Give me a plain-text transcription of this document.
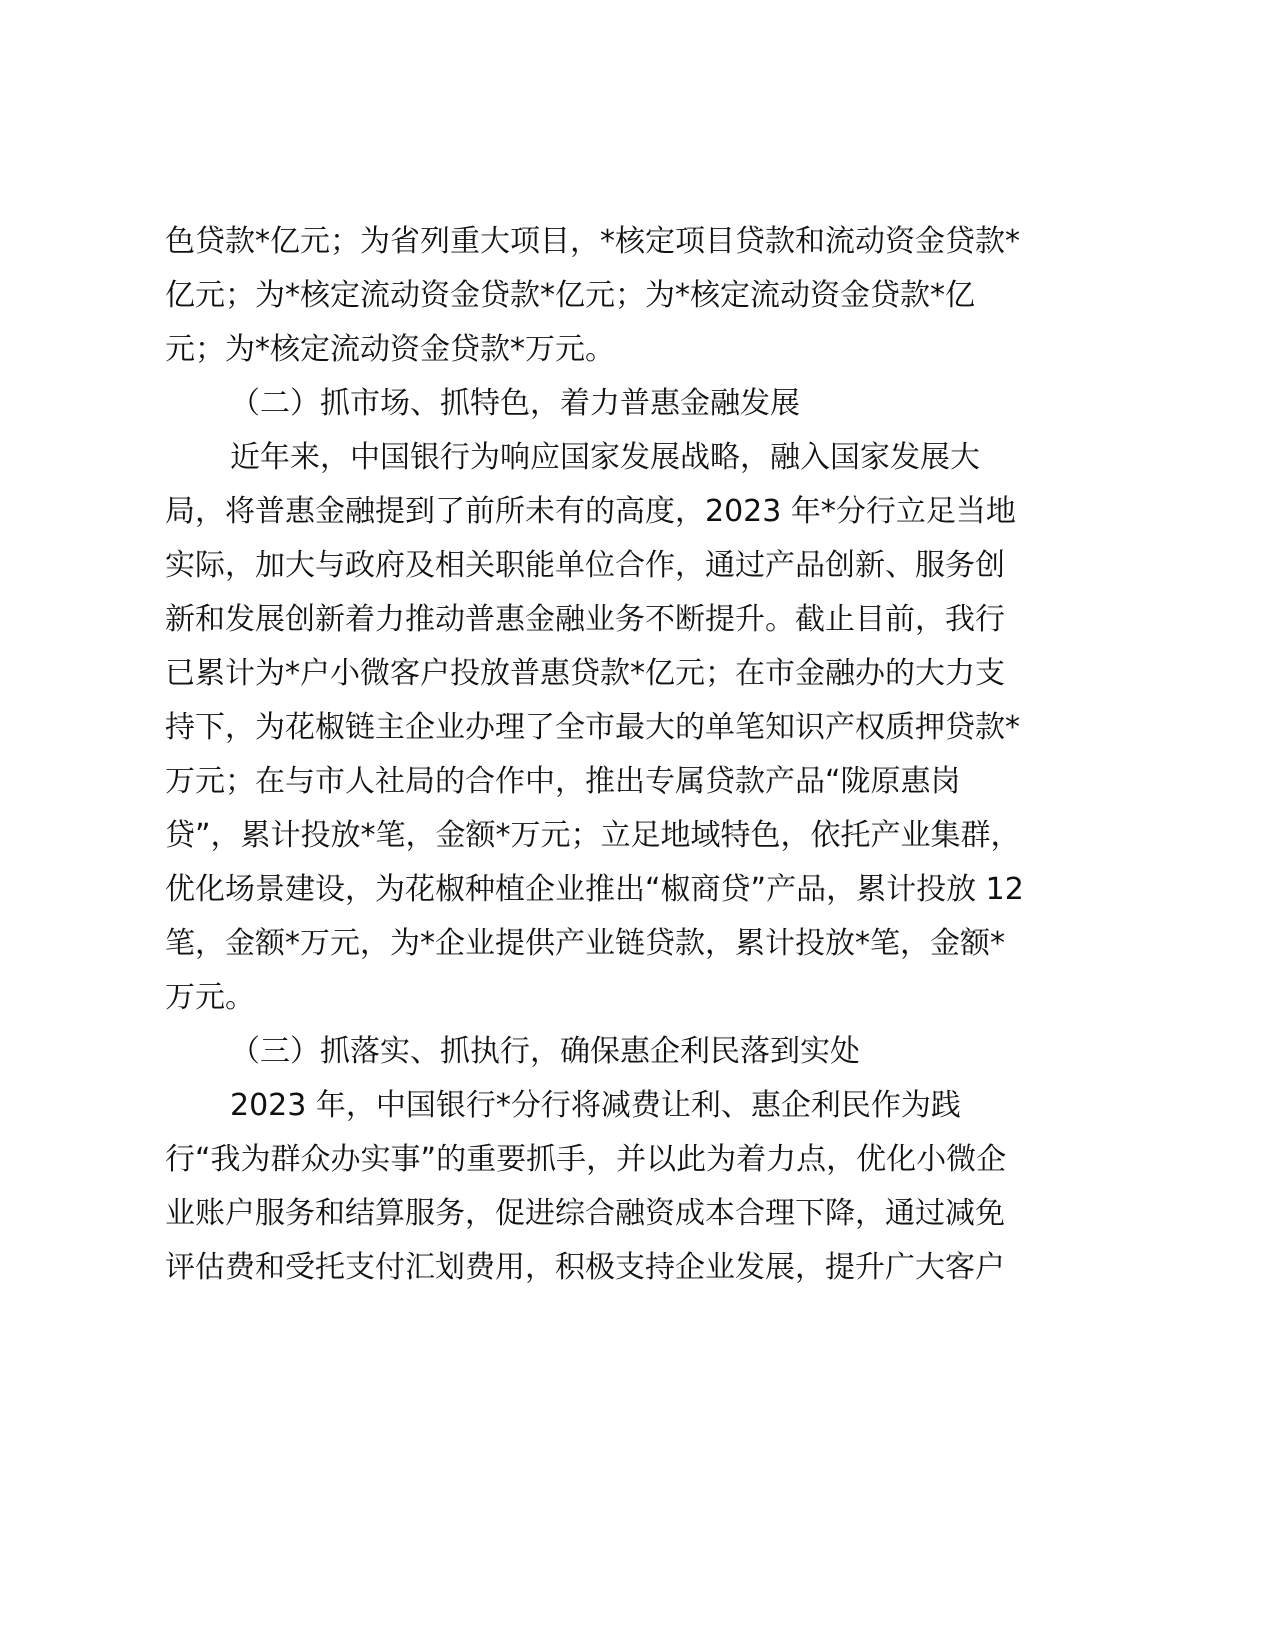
色贷款*亿元；为省列重大项目，*核定项目贷款和流动资金贷款*
亿元；为*核定流动资金贷款*亿元；为*核定流动资金贷款*亿
元；为*核定流动资金贷款*万元。
（二）抓市场、抓特色，着力普惠金融发展
近年来，中国银行为响应国家发展战略，融入国家发展大
局，将普惠金融提到了前所未有的高度，2023 年*分行立足当地
实际，加大与政府及相关职能单位合作，通过产品创新、服务创
新和发展创新着力推动普惠金融业务不断提升。截止目前，我行
已累计为*户小微客户投放普惠贷款*亿元；在市金融办的大力支
持下，为花椒链主企业办理了全市最大的单笔知识产权质押贷款*
万元；在与市人社局的合作中，推出专属贷款产品“陇原惠岗
贷”，累计投放*笔，金额*万元；立足地域特色，依托产业集群，
优化场景建设，为花椒种植企业推出“椒商贷”产品，累计投放 12
笔，金额*万元，为*企业提供产业链贷款，累计投放*笔，金额*
万元。
（三）抓落实、抓执行，确保惠企利民落到实处
2023 年，中国银行*分行将减费让利、惠企利民作为践
行“我为群众办实事”的重要抓手，并以此为着力点，优化小微企
业账户服务和结算服务，促进综合融资成本合理下降，通过减免
评估费和受托支付汇划费用，积极支持企业发展，提升广大客户
